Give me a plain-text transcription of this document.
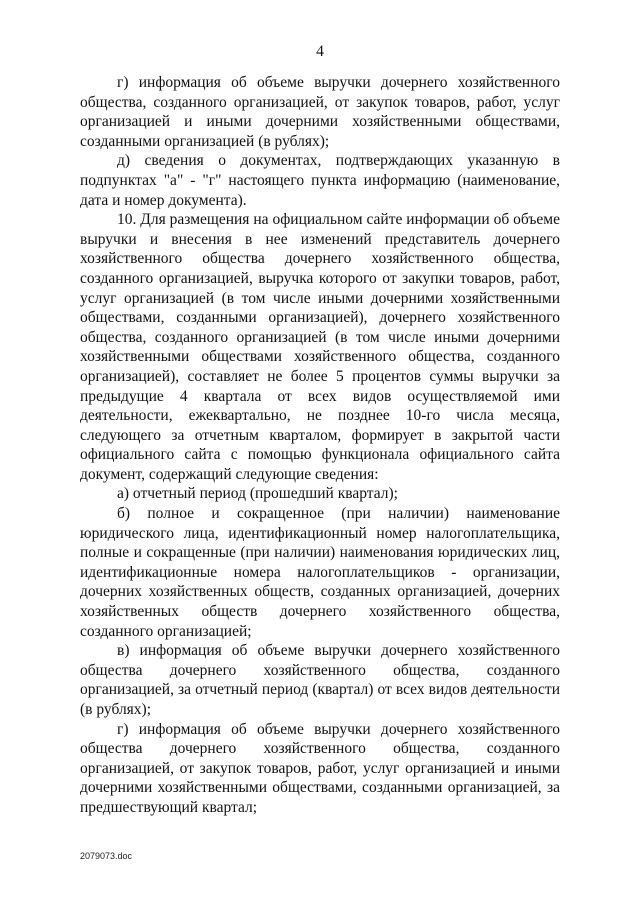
4

г) информация об объеме выручки дочернего хозяйственного общества, созданного организацией, от закупок товаров, работ, услуг организацией и иными дочерними хозяйственными обществами, созданными организацией (в рублях);

д) сведения о документах, подтверждающих указанную в подпунктах "а" - "г" настоящего пункта информацию (наименование, дата и номер документа).

10. Для размещения на официальном сайте информации об объеме выручки и внесения в нее изменений представитель дочернего хозяйственного общества дочернего хозяйственного общества, созданного организацией, выручка которого от закупки товаров, работ, услуг организацией (в том числе иными дочерними хозяйственными обществами, созданными организацией), дочернего хозяйственного общества, созданного организацией (в том числе иными дочерними хозяйственными обществами хозяйственного общества, созданного организацией), составляет не более 5 процентов суммы выручки за предыдущие 4 квартала от всех видов осуществляемой ими деятельности, ежеквартально, не позднее 10-го числа месяца, следующего за отчетным кварталом, формирует в закрытой части официального сайта с помощью функционала официального сайта документ, содержащий следующие сведения:

а) отчетный период (прошедший квартал);

б) полное и сокращенное (при наличии) наименование юридического лица, идентификационный номер налогоплательщика, полные и сокращенные (при наличии) наименования юридических лиц, идентификационные номера налогоплательщиков - организации, дочерних хозяйственных обществ, созданных организацией, дочерних хозяйственных обществ дочернего хозяйственного общества, созданного организацией;

в) информация об объеме выручки дочернего хозяйственного общества дочернего хозяйственного общества, созданного организацией, за отчетный период (квартал) от всех видов деятельности (в рублях);

г) информация об объеме выручки дочернего хозяйственного общества дочернего хозяйственного общества, созданного организацией, от закупок товаров, работ, услуг организацией и иными дочерними хозяйственными обществами, созданными организацией, за предшествующий квартал;

2079073.doc
